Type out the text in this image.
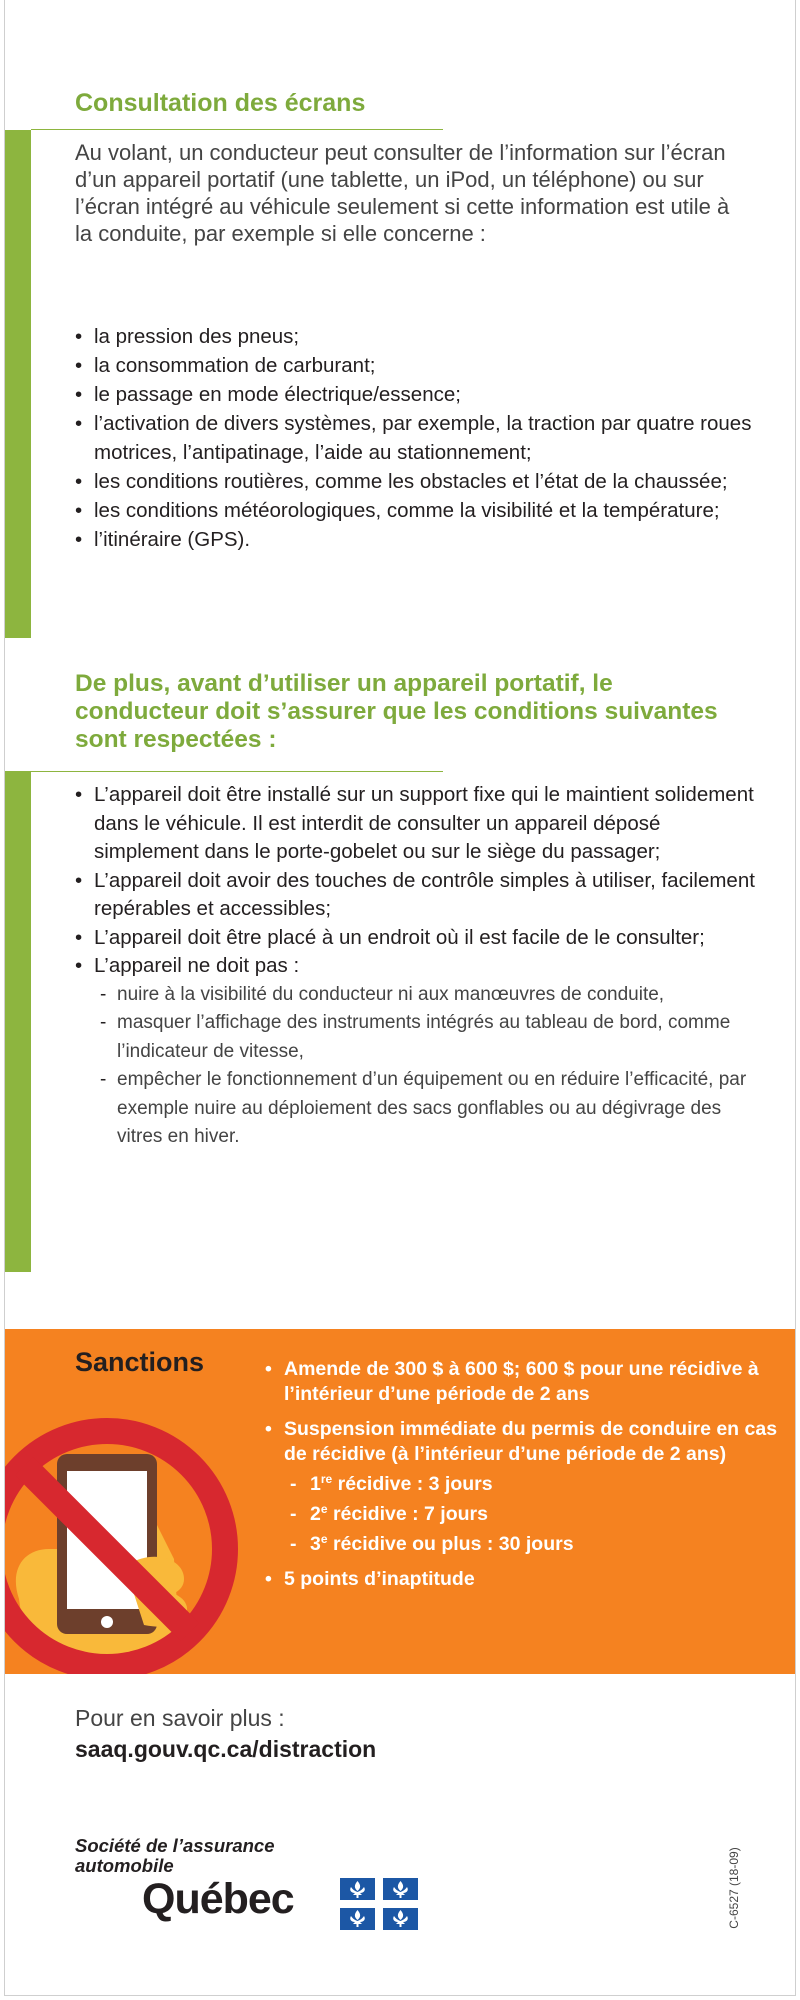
Consultation des écrans

Au volant, un conducteur peut consulter de l’information sur l’écran d’un appareil portatif (une tablette, un iPod, un téléphone) ou sur l’écran intégré au véhicule seulement si cette information est utile à la conduite, par exemple si elle concerne :

• la pression des pneus;
• la consommation de carburant;
• le passage en mode électrique/essence;
• l’activation de divers systèmes, par exemple, la traction par quatre roues motrices, l’antipatinage, l’aide au stationnement;
• les conditions routières, comme les obstacles et l’état de la chaussée;
• les conditions météorologiques, comme la visibilité et la température;
• l’itinéraire (GPS).
De plus, avant d’utiliser un appareil portatif, le conducteur doit s’assurer que les conditions suivantes sont respectées :
• L’appareil doit être installé sur un support fixe qui le maintient solidement dans le véhicule. Il est interdit de consulter un appareil déposé simplement dans le porte-gobelet ou sur le siège du passager;
• L’appareil doit avoir des touches de contrôle simples à utiliser, facilement repérables et accessibles;
• L’appareil doit être placé à un endroit où il est facile de le consulter;
• L’appareil ne doit pas :
- nuire à la visibilité du conducteur ni aux manœuvres de conduite,
- masquer l’affichage des instruments intégrés au tableau de bord, comme l’indicateur de vitesse,
- empêcher le fonctionnement d’un équipement ou en réduire l’efficacité, par exemple nuire au déploiement des sacs gonflables ou au dégivrage des vitres en hiver.
Sanctions
•	Amende de 300 $ à 600 $; 600 $ pour une récidive à l’intérieur d’une période de 2 ans
• Suspension immédiate du permis de conduire en cas de récidive (à l’intérieur d’une période de 2 ans)
- 1re récidive : 3 jours
- 2e récidive : 7 jours
- 3e récidive ou plus : 30 jours
• 5 points d’inaptitude
Pour en savoir plus :
saaq.gouv.qc.ca/distraction
Société de l’assurance
automobile
Québec	C-6527 (18-09)
